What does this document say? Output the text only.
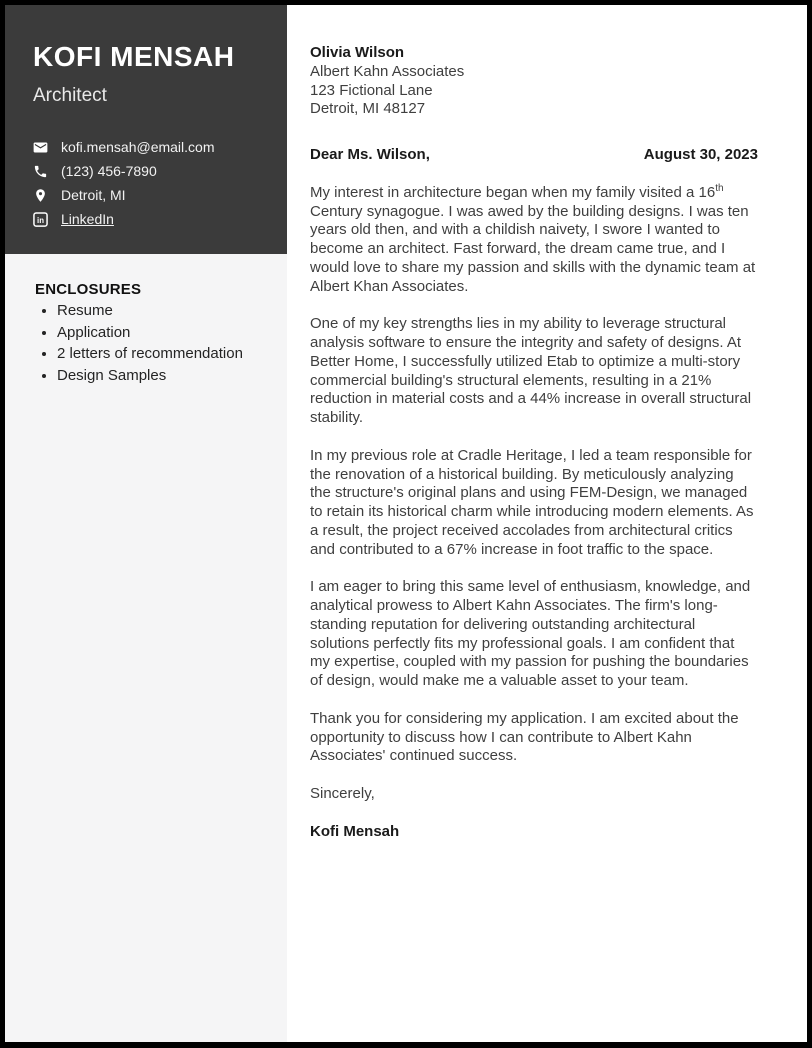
KOFI MENSAH
Architect
kofi.mensah@email.com
(123) 456-7890
Detroit, MI
in LinkedIn
ENCLOSURES
• Resume
• Application
• 2 letters of recommendation
• Design Samples
Olivia Wilson
Albert Kahn Associates
123 Fictional Lane
Detroit, MI 48127
Dear Ms. Wilson,	August 30, 2023

My interest in architecture began when my family visited a 16th Century synagogue. I was awed by the building designs. I was ten years old then, and with a childish naivety, I swore I wanted to become an architect. Fast forward, the dream came true, and I would love to share my passion and skills with the dynamic team at Albert Khan Associates.

One of my key strengths lies in my ability to leverage structural analysis software to ensure the integrity and safety of designs. At Better Home, I successfully utilized Etab to optimize a multi-story commercial building's structural elements, resulting in a 21% reduction in material costs and a 44% increase in overall structural stability.

In my previous role at Cradle Heritage, I led a team responsible for the renovation of a historical building. By meticulously analyzing the structure's original plans and using FEM-Design, we managed to retain its historical charm while introducing modern elements. As a result, the project received accolades from architectural critics and contributed to a 67% increase in foot traffic to the space.

I am eager to bring this same level of enthusiasm, knowledge, and analytical prowess to Albert Kahn Associates. The firm's long-standing reputation for delivering outstanding architectural solutions perfectly fits my professional goals. I am confident that my expertise, coupled with my passion for pushing the boundaries of design, would make me a valuable asset to your team.

Thank you for considering my application. I am excited about the opportunity to discuss how I can contribute to Albert Kahn Associates' continued success.

Sincerely,
Kofi Mensah
